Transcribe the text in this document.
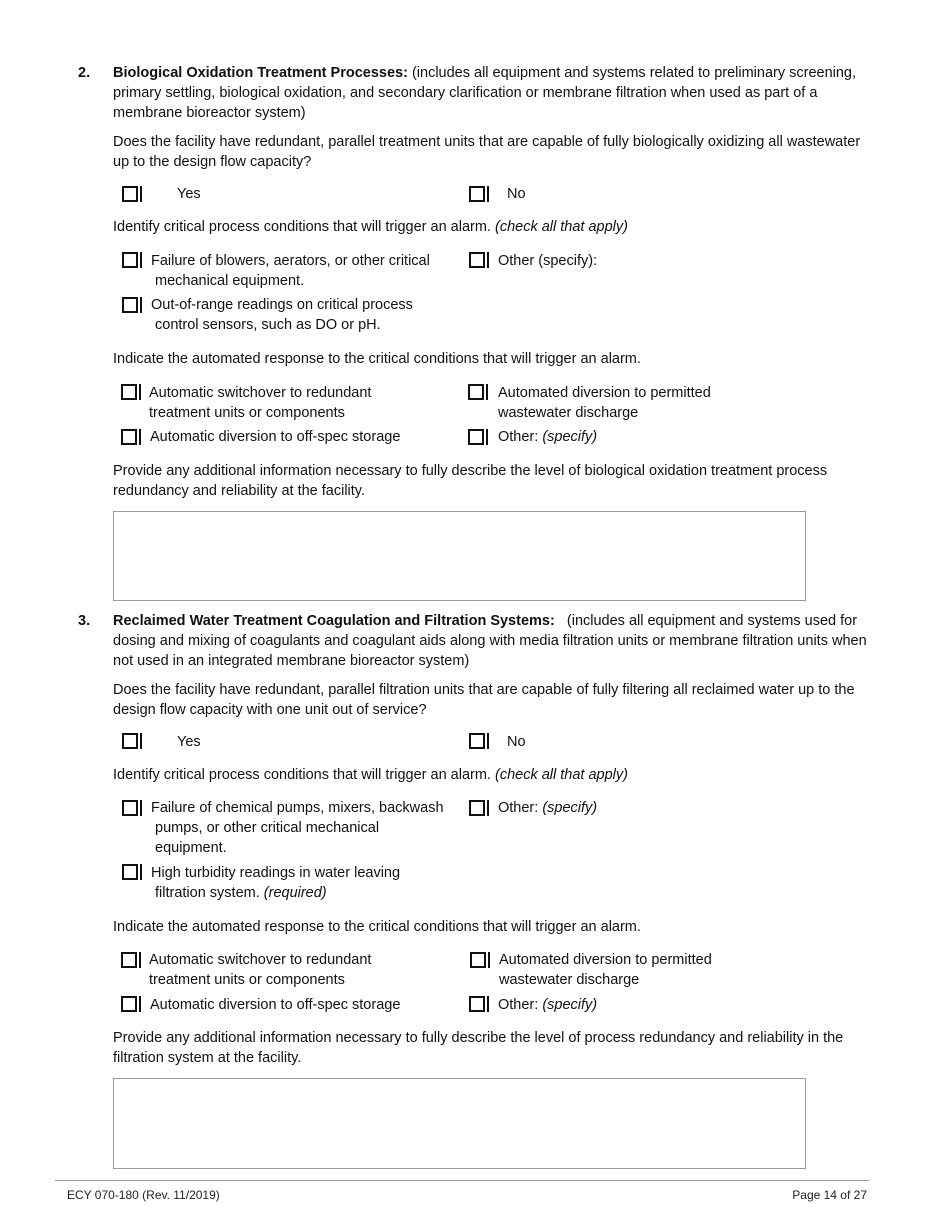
2. Biological Oxidation Treatment Processes: (includes all equipment and systems related to preliminary screening, primary settling, biological oxidation, and secondary clarification or membrane filtration when used as part of a membrane bioreactor system)
Does the facility have redundant, parallel treatment units that are capable of fully biologically oxidizing all wastewater up to the design flow capacity?
Yes	No
Identify critical process conditions that will trigger an alarm. (check all that apply)
Failure of blowers, aerators, or other critical
mechanical equipment.
Out-of-range readings on critical process
control sensors, such as DO or pH.
Other (specify):
Indicate the automated response to the critical conditions that will trigger an alarm.
Automatic switchover to redundant
treatment units or components
Automatic diversion to off-spec storage
Automated diversion to permitted
wastewater discharge
Other: (specify)
Provide any additional information necessary to fully describe the level of biological oxidation treatment process redundancy and reliability at the facility.
3. Reclaimed Water Treatment Coagulation and Filtration Systems:   (includes all equipment and systems used for dosing and mixing of coagulants and coagulant aids along with media filtration units or membrane filtration units when not used in an integrated membrane bioreactor system)
Does the facility have redundant, parallel filtration units that are capable of fully filtering all reclaimed water up to the design flow capacity with one unit out of service?
Yes	No
Identify critical process conditions that will trigger an alarm. (check all that apply)
Failure of chemical pumps, mixers, backwash
pumps, or other critical mechanical
equipment.
High turbidity readings in water leaving
filtration system. (required)
Other: (specify)
Indicate the automated response to the critical conditions that will trigger an alarm.
Automatic switchover to redundant
treatment units or components
Automatic diversion to off-spec storage
Automated diversion to permitted
wastewater discharge
Other: (specify)
Provide any additional information necessary to fully describe the level of process redundancy and reliability in the filtration system at the facility.
ECY 070-180 (Rev. 11/2019)	Page 14 of 27
